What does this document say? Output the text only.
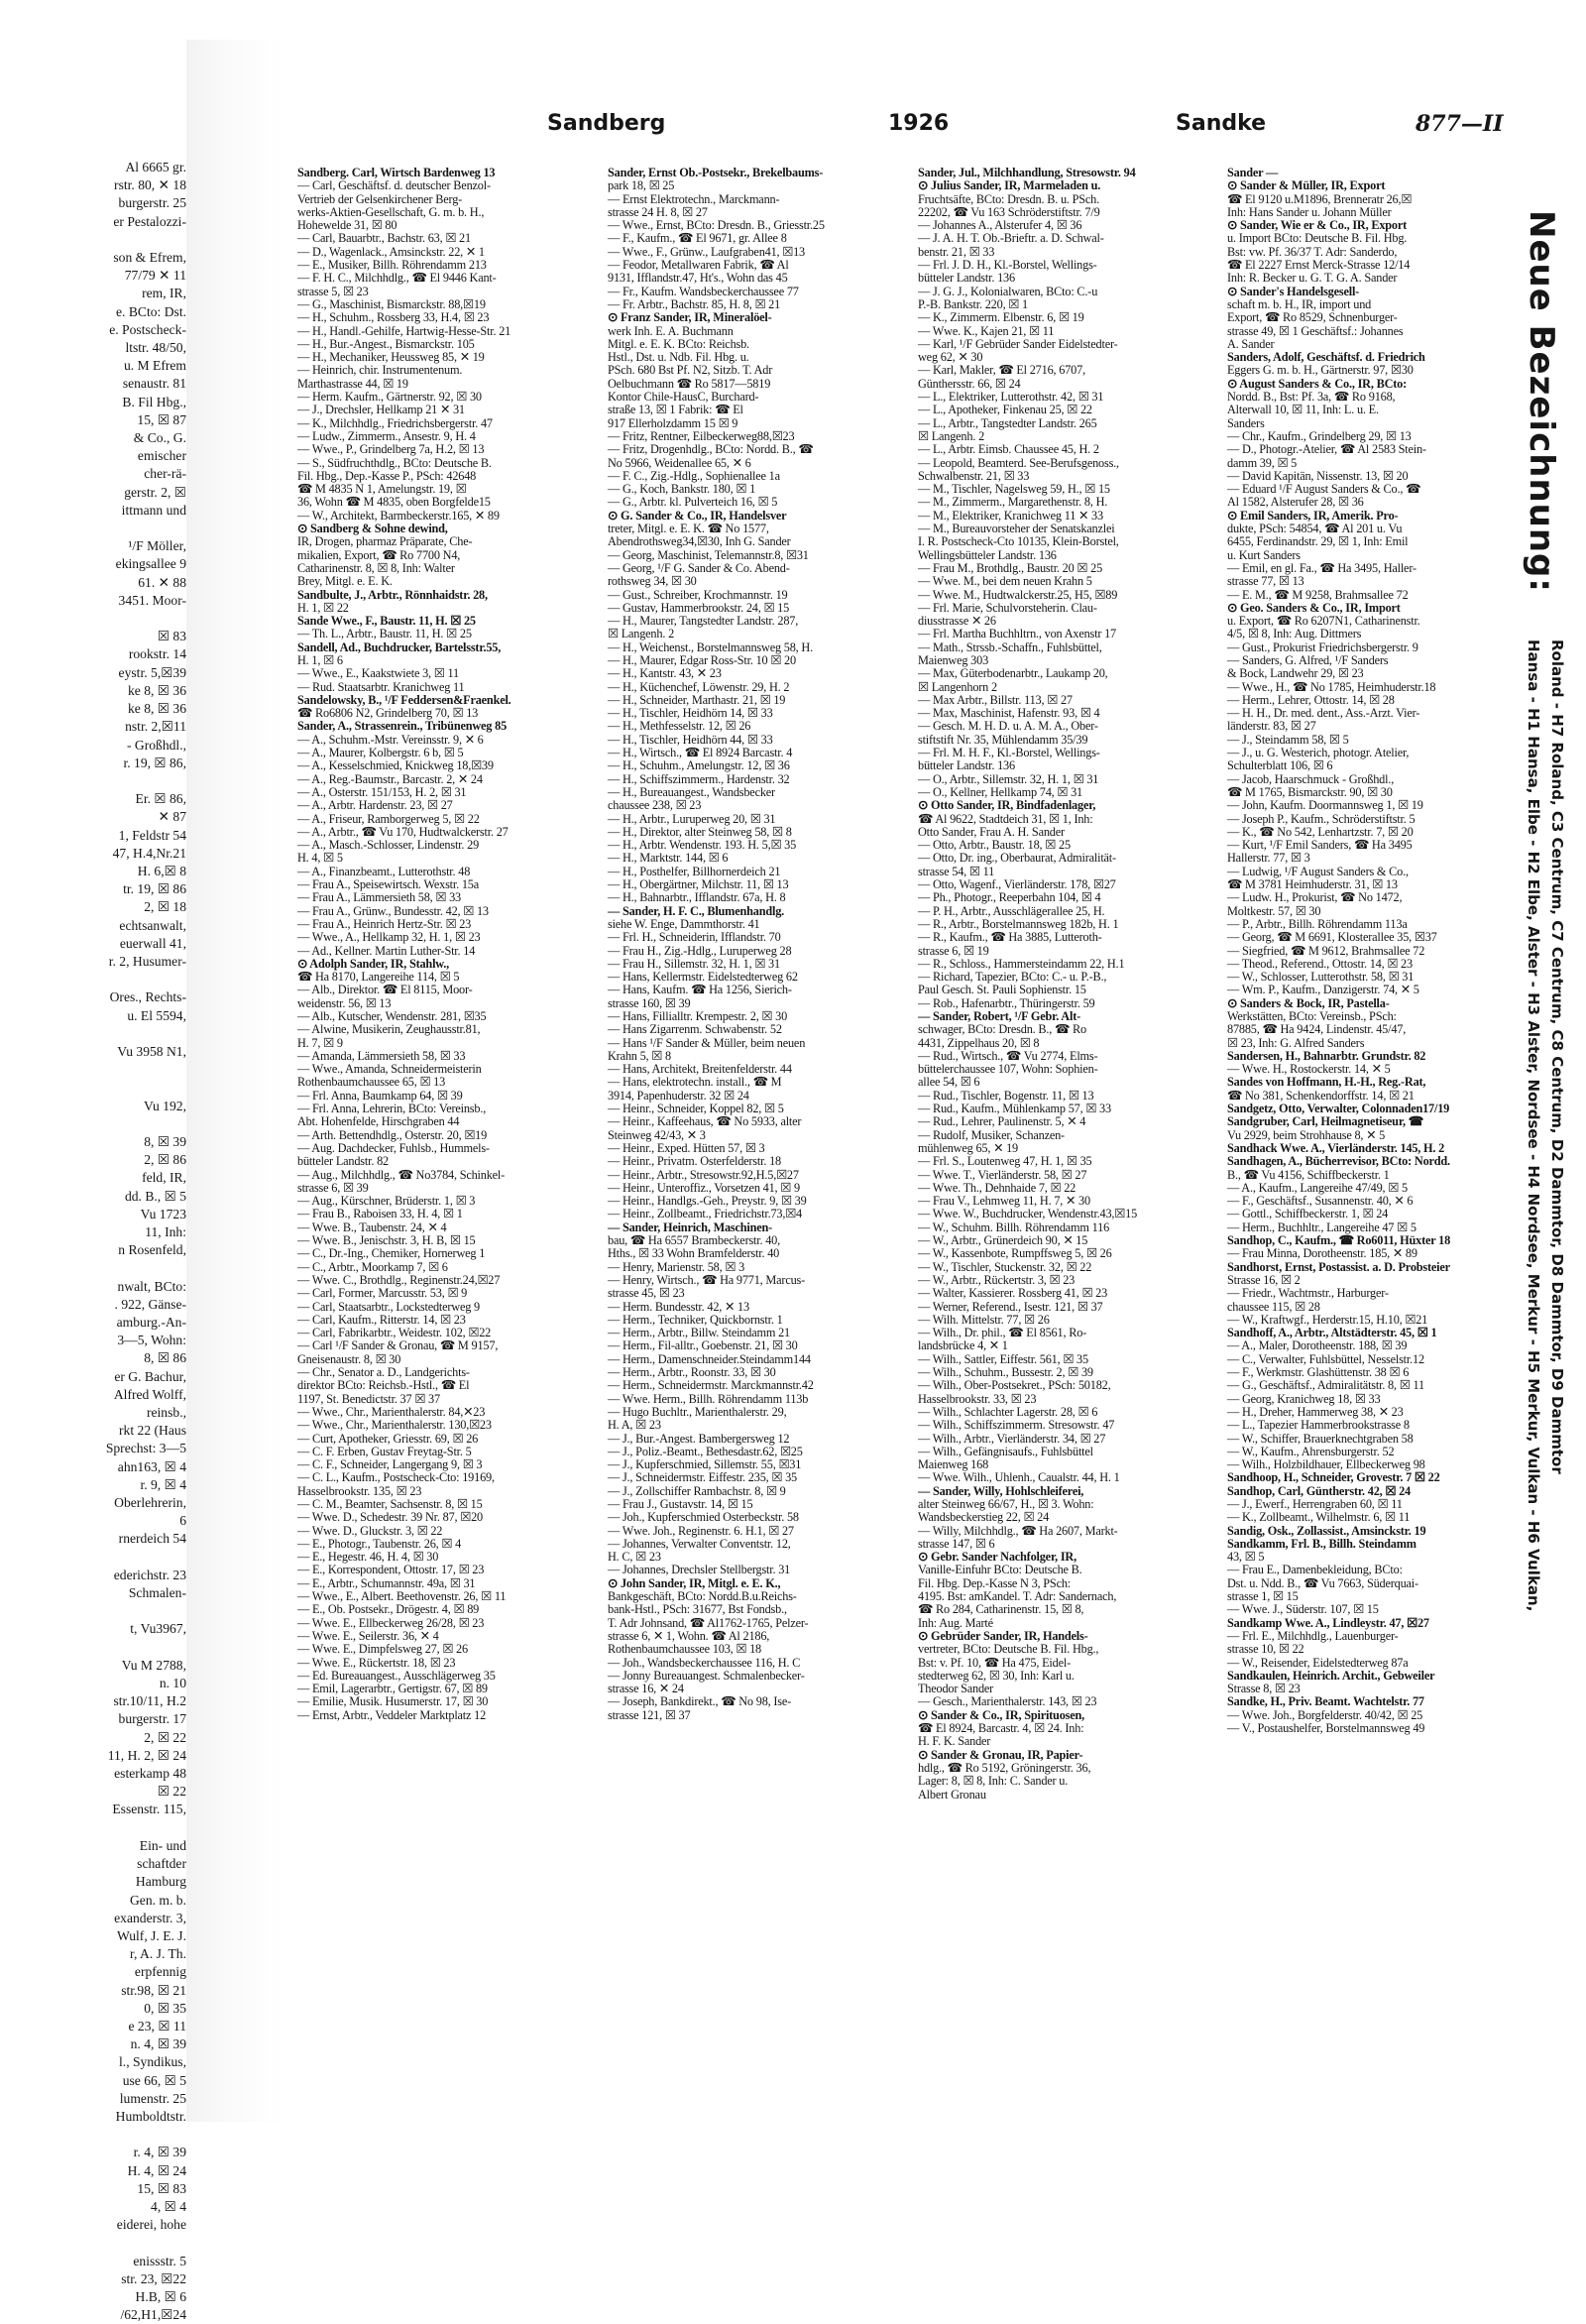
Al 6665 gr.
rstr. 80, ✕ 18
burgerstr. 25
er Pestalozzi-

son & Efrem,
77/79 ✕ 11
rem, IR,
e. BCto: Dst.
e. Postscheck-
ltstr. 48/50,
u. M Efrem
senaustr. 81
B. Fil Hbg.,
15, ☒ 87
& Co., G.
emischer
cher-rä-
gerstr. 2, ☒
ittmann und

¹/F Möller,
ekingsallee 9
61. ✕ 88
3451. Moor-

☒ 83
rookstr. 14
eystr. 5,☒39
ke 8, ☒ 36
ke 8, ☒ 36
nstr. 2,☒11
- Großhdl.,
r. 19, ☒ 86,

Er. ☒ 86,
✕ 87
1, Feldstr 54
47, H.4,Nr.21
H. 6,☒ 8
tr. 19, ☒ 86
2, ☒ 18
echtsanwalt,
euerwall 41,
r. 2, Husumer-

Ores., Rechts-
u. El 5594,

Vu 3958 N1,

Vu 192,

8, ☒ 39
2, ☒ 86
feld, IR,
dd. B., ☒ 5
Vu 1723
11, Inh:
n Rosenfeld,

nwalt, BCto:
. 922, Gänse-
amburg.-An-
3—5, Wohn:
8, ☒ 86
er G. Bachur,
Alfred Wolff,
reinsb.,
rkt 22 (Haus
Sprechst: 3—5
ahn163, ☒ 4
r. 9, ☒ 4
Oberlehrerin,
6
rnerdeich 54

ederichstr. 23
Schmalen-

t, Vu3967,

Vu M 2788,
n. 10
str.10/11, H.2
burgerstr. 17
2, ☒ 22
11, H. 2, ☒ 24
esterkamp 48
☒ 22
Essenstr. 115,

Ein- und
schaftder
Hamburg
Gen. m. b.
exanderstr. 3,
Wulf, J. E. J.
r, A. J. Th.
erpfennig
str.98, ☒ 21
0, ☒ 35
e 23, ☒ 11
n. 4, ☒ 39
l., Syndikus,
use 66, ☒ 5
lumenstr. 25
Humboldtstr.

r. 4, ☒ 39
H. 4, ☒ 24
15, ☒ 83
4, ☒ 4
eiderei, hohe

enissstr. 5
str. 23, ☒22
H.B, ☒ 6
/62,H1,☒24
Sandberg	1926	Sandke	877—II
Sandberg. Carl, Wirtsch Bardenweg 13
— Carl, Geschäftsf. d. deutscher Benzol-
Vertrieb der Gelsenkirchener Berg-
werks-Aktien-Gesellschaft, G. m. b. H.,
Hohewelde 31, ☒ 80
— Carl, Bauarbtr., Bachstr. 63, ☒ 21
— D., Wagenlack., Amsinckstr. 22, ✕ 1
— E., Musiker, Billh. Röhrendamm 213
— F. H. C., Milchhdlg., ☎ El 9446 Kant-
strasse 5, ☒ 23
— G., Maschinist, Bismarckstr. 88,☒19
— H., Schuhm., Rossberg 33, H.4, ☒ 23
— H., Handl.-Gehilfe, Hartwig-Hesse-Str. 21
— H., Bur.-Angest., Bismarckstr. 105
— H., Mechaniker, Heussweg 85, ✕ 19
— Heinrich, chir. Instrumentenum.
Marthastrasse 44, ☒ 19
— Herm. Kaufm., Gärtnerstr. 92, ☒ 30
— J., Drechsler, Hellkamp 21 ✕ 31
— K., Milchhdlg., Friedrichsbergerstr. 47
— Ludw., Zimmerm., Ansestr. 9, H. 4
— Wwe., P., Grindelberg 7a, H.2, ☒ 13
— S., Südfruchthdlg., BCto: Deutsche B.
Fil. Hbg., Dep.-Kasse P., PSch: 42648
☎ M 4835 N 1, Amelungstr. 19, ☒
36, Wohn ☎ M 4835, oben Borgfelde15
— W., Architekt, Barmbeckerstr.165, ✕ 89
⊙ Sandberg & Sohne dewind,
IR, Drogen, pharmaz Präparate, Che-
mikalien, Export, ☎ Ro 7700 N4,
Catharinenstr. 8, ☒ 8, Inh: Walter
Brey, Mitgl. e. E. K.
Sandbulte, J., Arbtr., Rönnhaidstr. 28,
H. 1, ☒ 22
Sande Wwe., F., Baustr. 11, H. ☒ 25
— Th. L., Arbtr., Baustr. 11, H. ☒ 25
Sandell, Ad., Buchdrucker, Bartelsstr.55,
H. 1, ☒ 6
— Wwe., E., Kaakstwiete 3, ☒ 11
— Rud. Staatsarbtr. Kranichweg 11
Sandelowsky, B., ¹/F Feddersen&Fraenkel.
☎ Ro6806 N2, Grindelberg 70, ☒ 13
Sander, A., Strassenrein., Tribünenweg 85
— A., Schuhm.-Mstr. Vereinsstr. 9, ✕ 6
— A., Maurer, Kolbergstr. 6 b, ☒ 5
— A., Kesselschmied, Knickweg 18,☒39
— A., Reg.-Baumstr., Barcastr. 2, ✕ 24
— A., Osterstr. 151/153, H. 2, ☒ 31
— A., Arbtr. Hardenstr. 23, ☒ 27
— A., Friseur, Ramborgerweg 5, ☒ 22
— A., Arbtr., ☎ Vu 170, Hudtwalckerstr. 27
— A., Masch.-Schlosser, Lindenstr. 29
H. 4, ☒ 5
— A., Finanzbeamt., Lutterothstr. 48
— Frau A., Speisewirtsch. Wexstr. 15a
— Frau A., Lämmersieth 58, ☒ 33
— Frau A., Grünw., Bundesstr. 42, ☒ 13
— Frau A., Heinrich Hertz-Str. ☒ 23
— Wwe., A., Hellkamp 32, H. 1, ☒ 23
— Ad., Kellner. Martin Luther-Str. 14
⊙ Adolph Sander, IR, Stahlw.,
☎ Ha 8170, Langereihe 114, ☒ 5
— Alb., Direktor. ☎ El 8115, Moor-
weidenstr. 56, ☒ 13
— Alb., Kutscher, Wendenstr. 281, ☒35
— Alwine, Musikerin, Zeughausstr.81,
H. 7, ☒ 9
— Amanda, Lämmersieth 58, ☒ 33
— Wwe., Amanda, Schneidermeisterin
Rothenbaumchaussee 65, ☒ 13
— Frl. Anna, Baumkamp 64, ☒ 39
— Frl. Anna, Lehrerin, BCto: Vereinsb.,
Abt. Hohenfelde, Hirschgraben 44
— Arth. Bettendhdlg., Osterstr. 20, ☒19
— Aug. Dachdecker, Fuhlsb., Hummels-
bütteler Landstr. 82
— Aug., Milchhdlg., ☎ No3784, Schinkel-
strasse 6, ☒ 39
— Aug., Kürschner, Brüderstr. 1, ☒ 3
— Frau B., Raboisen 33, H. 4, ☒ 1
— Wwe. B., Taubenstr. 24, ✕ 4
— Wwe. B., Jenischstr. 3, H. B, ☒ 15
— C., Dr.-Ing., Chemiker, Hornerweg 1
— C., Arbtr., Moorkamp 7, ☒ 6
— Wwe. C., Brothdlg., Reginenstr.24,☒27
— Carl, Former, Marcusstr. 53, ☒ 9
— Carl, Staatsarbtr., Lockstedterweg 9
— Carl, Kaufm., Ritterstr. 14, ☒ 23
— Carl, Fabrikarbtr., Weidestr. 102, ☒22
— Carl ¹/F Sander & Gronau, ☎ M 9157,
Gneisenaustr. 8, ☒ 30
— Chr., Senator a. D., Landgerichts-
direktor BCto: Reichsb.-Hstl., ☎ El
1197, St. Benedictstr. 37 ☒ 37
— Wwe., Chr., Marienthalerstr. 84,✕23
— Wwe., Chr., Marienthalerstr. 130,☒23
— Curt, Apotheker, Griesstr. 69, ☒ 26
— C. F. Erben, Gustav Freytag-Str. 5
— C. F., Schneider, Langergang 9, ☒ 3
— C. L., Kaufm., Postscheck-Cto: 19169,
Hasselbrookstr. 135, ☒ 23
— C. M., Beamter, Sachsenstr. 8, ☒ 15
— Wwe. D., Schedestr. 39 Nr. 87, ☒20
— Wwe. D., Gluckstr. 3, ☒ 22
— E., Photogr., Taubenstr. 26, ☒ 4
— E., Hegestr. 46, H. 4, ☒ 30
— E., Korrespondent, Ottostr. 17, ☒ 23
— E., Arbtr., Schumannstr. 49a, ☒ 31
— Wwe., E., Albert. Beethovenstr. 26, ☒ 11
— E., Ob. Postsekr., Drögestr. 4, ☒ 89
— Wwe. E., Ellbeckerweg 26/28, ☒ 23
— Wwe. E., Seilerstr. 36, ✕ 4
— Wwe. E., Dimpfelsweg 27, ☒ 26
— Wwe. E., Rückertstr. 18, ☒ 23
— Ed. Bureauangest., Ausschlägerweg 35
— Emil, Lagerarbtr., Gertigstr. 67, ☒ 89
— Emilie, Musik. Husumerstr. 17, ☒ 30
— Ernst, Arbtr., Veddeler Marktplatz 12
Sander, Ernst Ob.-Postsekr., Brekelbaums-
park 18, ☒ 25
— Ernst Elektrotechn., Marckmann-
strasse 24 H. 8, ☒ 27
— Wwe., Ernst, BCto: Dresdn. B., Griesstr.25
— F., Kaufm., ☎ El 9671, gr. Allee 8
— Wwe., F., Grünw., Laufgraben41, ☒13
— Feodor, Metallwaren Fabrik, ☎ Al
9131, Ifflandstr.47, Ht's., Wohn das 45
— Fr., Kaufm. Wandsbeckerchaussee 77
— Fr. Arbtr., Bachstr. 85, H. 8, ☒ 21
⊙ Franz Sander, IR, Mineralöel-
werk Inh. E. A. Buchmann
Mitgl. e. E. K. BCto: Reichsb.
Hstl., Dst. u. Ndb. Fil. Hbg. u.
PSch. 680 Bst Pf. N2, Sitzb. T. Adr
Oelbuchmann ☎ Ro 5817—5819
Kontor Chile-HausC, Burchard-
straße 13, ☒ 1 Fabrik: ☎ El
917 Ellerholzdamm 15 ☒ 9
— Fritz, Rentner, Eilbeckerweg88,☒23
— Fritz, Drogenhdlg., BCto: Nordd. B., ☎
No 5966, Weidenallee 65, ✕ 6
— F. C., Zig.-Hdlg., Sophienallee 1a
— G., Koch, Bankstr. 180, ☒ 1
— G., Arbtr. kl. Pulverteich 16, ☒ 5
⊙ G. Sander & Co., IR, Handelsver
treter, Mitgl. e. E. K. ☎ No 1577,
Abendrothsweg34,☒30, Inh G. Sander
— Georg, Maschinist, Telemannstr.8, ☒31
— Georg, ¹/F G. Sander & Co. Abend-
rothsweg 34, ☒ 30
— Gust., Schreiber, Krochmannstr. 19
— Gustav, Hammerbrookstr. 24, ☒ 15
— H., Maurer, Tangstedter Landstr. 287,
☒ Langenh. 2
— H., Weichenst., Borstelmannsweg 58, H.
— H., Maurer, Edgar Ross-Str. 10 ☒ 20
— H., Kantstr. 43, ✕ 23
— H., Küchenchef, Löwenstr. 29, H. 2
— H., Schneider, Marthastr. 21, ☒ 19
— H., Tischler, Heidhörn 14, ☒ 33
— H., Methfesselstr. 12, ☒ 26
— H., Tischler, Heidhörn 44, ☒ 33
— H., Wirtsch., ☎ El 8924 Barcastr. 4
— H., Schuhm., Amelungstr. 12, ☒ 36
— H., Schiffszimmerm., Hardenstr. 32
— H., Bureauangest., Wandsbecker
chaussee 238, ☒ 23
— H., Arbtr., Luruperweg 20, ☒ 31
— H., Direktor, alter Steinweg 58, ☒ 8
— H., Arbtr. Wendenstr. 193. H. 5,☒ 35
— H., Marktstr. 144, ☒ 6
— H., Posthelfer, Billhornerdeich 21
— H., Obergärtner, Milchstr. 11, ☒ 13
— H., Bahnarbtr., Ifflandstr. 67a, H. 8
— Sander, H. F. C., Blumenhandlg.
siehe W. Enge, Dammthorstr. 41
— Frl. H., Schneiderin, Ifflandstr. 70
— Frau H., Zig.-Hdlg., Luruperweg 28
— Frau H., Sillemstr. 32, H. 1, ☒ 31
— Hans, Kellermstr. Eidelstedterweg 62
— Hans, Kaufm. ☎ Ha 1256, Sierich-
strasse 160, ☒ 39
— Hans, Fillialltr. Krempestr. 2, ☒ 30
— Hans Zigarrenm. Schwabenstr. 52
— Hans ¹/F Sander & Müller, beim neuen
Krahn 5, ☒ 8
— Hans, Architekt, Breitenfelderstr. 44
— Hans, elektrotechn. install., ☎ M
3914, Papenhuderstr. 32 ☒ 24
— Heinr., Schneider, Koppel 82, ☒ 5
— Heinr., Kaffeehaus, ☎ No 5933, alter
Steinweg 42/43, ✕ 3
— Heinr., Exped. Hütten 57, ☒ 3
— Heinr., Privatm. Osterfelderstr. 18
— Heinr., Arbtr., Stresowstr.92,H.5,☒27
— Heinr., Unteroffiz., Vorsetzen 41, ☒ 9
— Heinr., Handlgs.-Geh., Preystr. 9, ☒ 39
— Heinr., Zollbeamt., Friedrichstr.73,☒4
— Sander, Heinrich, Maschinen-
bau, ☎ Ha 6557 Brambeckerstr. 40,
Hths., ☒ 33 Wohn Bramfelderstr. 40
— Henry, Marienstr. 58, ☒ 3
— Henry, Wirtsch., ☎ Ha 9771, Marcus-
strasse 45, ☒ 23
— Herm. Bundesstr. 42, ✕ 13
— Herm., Techniker, Quickbornstr. 1
— Herm., Arbtr., Billw. Steindamm 21
— Herm., Fil-alltr., Goebenstr. 21, ☒ 30
— Herm., Damenschneider.Steindamm144
— Herm., Arbtr., Roonstr. 33, ☒ 30
— Herm., Schneidermstr. Marckmannstr.42
— Wwe. Herm., Billh. Röhrendamm 113b
— Hugo Buchltr., Marienthalerstr. 29,
H. A, ☒ 23
— J., Bur.-Angest. Bambergersweg 12
— J., Poliz.-Beamt., Bethesdastr.62, ☒25
— J., Kupferschmied, Sillemstr. 55, ☒31
— J., Schneidermstr. Eiffestr. 235, ☒ 35
— J., Zollschiffer Rambachstr. 8, ☒ 9
— Frau J., Gustavstr. 14, ☒ 15
— Joh., Kupferschmied Osterbeckstr. 58
— Wwe. Joh., Reginenstr. 6. H.1, ☒ 27
— Johannes, Verwalter Conventstr. 12,
H. C, ☒ 23
— Johannes, Drechsler Stellbergstr. 31
⊙ John Sander, IR, Mitgl. e. E. K.,
Bankgeschäft, BCto: Nordd.B.u.Reichs-
bank-Hstl., PSch: 31677, Bst Fondsb.,
T. Adr Johnsand, ☎ Al1762-1765, Pelzer-
strasse 6, ✕ 1, Wohn. ☎ Al 2186,
Rothenbaumchaussee 103, ☒ 18
— Joh., Wandsbeckerchaussee 116, H. C
— Jonny Bureauangest. Schmalenbecker-
strasse 16, ✕ 24
— Joseph, Bankdirekt., ☎ No 98, Ise-
strasse 121, ☒ 37
Sander, Jul., Milchhandlung, Stresowstr. 94
⊙ Julius Sander, IR, Marmeladen u.
Fruchtsäfte, BCto: Dresdn. B. u. PSch.
22202, ☎ Vu 163 Schröderstiftstr. 7/9
— Johannes A., Alsterufer 4, ☒ 36
— J. A. H. T. Ob.-Brieftr. a. D. Schwal-
benstr. 21, ☒ 33
— Frl. J. D. H., Kl.-Borstel, Wellings-
bütteler Landstr. 136
— J. G. J., Kolonialwaren, BCto: C.-u
P.-B. Bankstr. 220, ☒ 1
— K., Zimmerm. Elbenstr. 6, ☒ 19
— Wwe. K., Kajen 21, ☒ 11
— Karl, ¹/F Gebrüder Sander Eidelstedter-
weg 62, ✕ 30
— Karl, Makler, ☎ El 2716, 6707,
Günthersstr. 66, ☒ 24
— L., Elektriker, Lutterothstr. 42, ☒ 31
— L., Apotheker, Finkenau 25, ☒ 22
— L., Arbtr., Tangstedter Landstr. 265
☒ Langenh. 2
— L., Arbtr. Eimsb. Chaussee 45, H. 2
— Leopold, Beamterd. See-Berufsgenoss.,
Schwalbenstr. 21, ☒ 33
— M., Tischler, Nagelsweg 59, H., ☒ 15
— M., Zimmerm., Margarethenstr. 8, H.
— M., Elektriker, Kranichweg 11 ✕ 33
— M., Bureauvorsteher der Senatskanzlei
I. R. Postscheck-Cto 10135, Klein-Borstel,
Wellingsbütteler Landstr. 136
— Frau M., Brothdlg., Baustr. 20 ☒ 25
— Wwe. M., bei dem neuen Krahn 5
— Wwe. M., Hudtwalckerstr.25, H5, ☒89
— Frl. Marie, Schulvorsteherin. Clau-
diusstrasse ✕ 26
— Frl. Martha Buchhltrn., von Axenstr 17
— Math., Strssb.-Schaffn., Fuhlsbüttel,
Maienweg 303
— Max, Güterbodenarbtr., Laukamp 20,
☒ Langenhorn 2
— Max Arbtr., Billstr. 113, ☒ 27
— Max, Maschinist, Hafenstr. 93, ☒ 4
— Gesch. M. H. D. u. A. M. A., Ober-
stiftstift Nr. 35, Mühlendamm 35/39
— Frl. M. H. F., Kl.-Borstel, Wellings-
bütteler Landstr. 136
— O., Arbtr., Sillemstr. 32, H. 1, ☒ 31
— O., Kellner, Hellkamp 74, ☒ 31
⊙ Otto Sander, IR, Bindfadenlager,
☎ Al 9622, Stadtdeich 31, ☒ 1, Inh:
Otto Sander, Frau A. H. Sander
— Otto, Arbtr., Baustr. 18, ☒ 25
— Otto, Dr. ing., Oberbaurat, Admiralität-
strasse 54, ☒ 11
— Otto, Wagenf., Vierländerstr. 178, ☒27
— Ph., Photogr., Reeperbahn 104, ☒ 4
— P. H., Arbtr., Ausschlägerallee 25, H.
— R., Arbtr., Borstelmannsweg 182b, H. 1
— R., Kaufm., ☎ Ha 3885, Lutteroth-
strasse 6, ☒ 19
— R., Schloss., Hammersteindamm 22, H.1
— Richard, Tapezier, BCto: C.- u. P.-B.,
Paul Gesch. St. Pauli Sophienstr. 15
— Rob., Hafenarbtr., Thüringerstr. 59
— Sander, Robert, ¹/F Gebr. Alt-
schwager, BCto: Dresdn. B., ☎ Ro
4431, Zippelhaus 20, ☒ 8
— Rud., Wirtsch., ☎ Vu 2774, Elms-
büttelerchaussee 107, Wohn: Sophien-
allee 54, ☒ 6
— Rud., Tischler, Bogenstr. 11, ☒ 13
— Rud., Kaufm., Mühlenkamp 57, ☒ 33
— Rud., Lehrer, Paulinenstr. 5, ✕ 4
— Rudolf, Musiker, Schanzen-
mühlenweg 65, ✕ 19
— Frl. S., Loutenweg 47, H. 1, ☒ 35
— Wwe. T., Vierländerstr. 58, ☒ 27
— Wwe. Th., Dehnhaide 7, ☒ 22
— Frau V., Lehmweg 11, H. 7, ✕ 30
— Wwe. W., Buchdrucker, Wendenstr.43,☒15
— W., Schuhm. Billh. Röhrendamm 116
— W., Arbtr., Grünerdeich 90, ✕ 15
— W., Kassenbote, Rumpffsweg 5, ☒ 26
— W., Tischler, Stuckenstr. 32, ☒ 22
— W., Arbtr., Rückertstr. 3, ☒ 23
— Walter, Kassierer. Rossberg 41, ☒ 23
— Werner, Referend., Isestr. 121, ☒ 37
— Wilh. Mittelstr. 77, ☒ 26
— Wilh., Dr. phil., ☎ El 8561, Ro-
landsbrücke 4, ✕ 1
— Wilh., Sattler, Eiffestr. 561, ☒ 35
— Wilh., Schuhm., Bussestr. 2, ☒ 39
— Wilh., Ober-Postsekret., PSch: 50182,
Hasselbrookstr. 33, ☒ 23
— Wilh., Schlachter Lagerstr. 28, ☒ 6
— Wilh., Schiffszimmerm. Stresowstr. 47
— Wilh., Arbtr., Vierländerstr. 34, ☒ 27
— Wilh., Gefängnisaufs., Fuhlsbüttel
Maienweg 168
— Wwe. Wilh., Uhlenh., Caualstr. 44, H. 1
— Sander, Willy, Hohlschleiferei,
alter Steinweg 66/67, H., ☒ 3. Wohn:
Wandsbeckerstieg 22, ☒ 24
— Willy, Milchhdlg., ☎ Ha 2607, Markt-
strasse 147, ☒ 6
⊙ Gebr. Sander Nachfolger, IR,
Vanille-Einfuhr BCto: Deutsche B.
Fil. Hbg. Dep.-Kasse N 3, PSch:
4195. Bst: amKandel. T. Adr: Sandernach,
☎ Ro 284, Catharinenstr. 15, ☒ 8,
Inh: Aug. Marté
⊙ Gebrüder Sander, IR, Handels-
vertreter, BCto: Deutsche B. Fil. Hbg.,
Bst: v. Pf. 10, ☎ Ha 475, Eidel-
stedterweg 62, ☒ 30, Inh: Karl u.
Theodor Sander
— Gesch., Marienthalerstr. 143, ☒ 23
⊙ Sander & Co., IR, Spirituosen,
☎ El 8924, Barcastr. 4, ☒ 24. Inh:
H. F. K. Sander
⊙ Sander & Gronau, IR, Papier-
hdlg., ☎ Ro 5192, Gröningerstr. 36,
Lager: 8, ☒ 8, Inh: C. Sander u.
Albert Gronau
Sander —
⊙ Sander & Müller, IR, Export
☎ El 9120 u.M1896, Brenneratr 26,☒
Inh: Hans Sander u. Johann Müller
⊙ Sander, Wie er & Co., IR, Export
u. Import BCto: Deutsche B. Fil. Hbg.
Bst: vw. Pf. 36/37 T. Adr: Sanderdo,
☎ El 2227 Ernst Merck-Strasse 12/14
Inh: R. Becker u. G. T. G. A. Sander
⊙ Sander's Handelsgesell-
schaft m. b. H., IR, import und
Export, ☎ Ro 8529, Schnenburger-
strasse 49, ☒ 1 Geschäftsf.: Johannes
A. Sander
Sanders, Adolf, Geschäftsf. d. Friedrich
Eggers G. m. b. H., Gärtnerstr. 97, ☒30
⊙ August Sanders & Co., IR, BCto:
Nordd. B., Bst: Pf. 3a, ☎ Ro 9168,
Alterwall 10, ☒ 11, Inh: L. u. E.
Sanders
— Chr., Kaufm., Grindelberg 29, ☒ 13
— D., Photogr.-Atelier, ☎ Al 2583 Stein-
damm 39, ☒ 5
— David Kapitän, Nissenstr. 13, ☒ 20
— Eduard ¹/F August Sanders & Co., ☎
Al 1582, Alsterufer 28, ☒ 36
⊙ Emil Sanders, IR, Amerik. Pro-
dukte, PSch: 54854, ☎ Al 201 u. Vu
6455, Ferdinandstr. 29, ☒ 1, Inh: Emil
u. Kurt Sanders
— Emil, en gl. Fa., ☎ Ha 3495, Haller-
strasse 77, ☒ 13
— E. M., ☎ M 9258, Brahmsallee 72
⊙ Geo. Sanders & Co., IR, Import
u. Export, ☎ Ro 6207N1, Catharinenstr.
4/5, ☒ 8, Inh: Aug. Dittmers
— Gust., Prokurist Friedrichsbergerstr. 9
— Sanders, G. Alfred, ¹/F Sanders
& Bock, Landwehr 29, ☒ 23
— Wwe., H., ☎ No 1785, Heimhuderstr.18
— Herm., Lehrer, Ottostr. 14, ☒ 28
— H. H., Dr. med. dent., Ass.-Arzt. Vier-
länderstr. 83, ☒ 27
— J., Steindamm 58, ☒ 5
— J., u. G. Westerich, photogr. Atelier,
Schulterblatt 106, ☒ 6
— Jacob, Haarschmuck - Großhdl.,
☎ M 1765, Bismarckstr. 90, ☒ 30
— John, Kaufm. Doormannsweg 1, ☒ 19
— Joseph P., Kaufm., Schröderstiftstr. 5
— K., ☎ No 542, Lenhartzstr. 7, ☒ 20
— Kurt, ¹/F Emil Sanders, ☎ Ha 3495
Hallerstr. 77, ☒ 3
— Ludwig, ¹/F August Sanders & Co.,
☎ M 3781 Heimhuderstr. 31, ☒ 13
— Ludw. H., Prokurist, ☎ No 1472,
Moltkestr. 57, ☒ 30
— P., Arbtr., Billh. Röhrendamm 113a
— Georg, ☎ M 6691, Klosterallee 35, ☒37
— Siegfried, ☎ M 9612, Brahmsallee 72
— Theod., Referend., Ottostr. 14, ☒ 23
— W., Schlosser, Lutterothstr. 58, ☒ 31
— Wm. P., Kaufm., Danzigerstr. 74, ✕ 5
⊙ Sanders & Bock, IR, Pastella-
Werkstätten, BCto: Vereinsb., PSch:
87885, ☎ Ha 9424, Lindenstr. 45/47,
☒ 23, Inh: G. Alfred Sanders
Sandersen, H., Bahnarbtr. Grundstr. 82
— Wwe. H., Rostockerstr. 14, ✕ 5
Sandes von Hoffmann, H.-H., Reg.-Rat,
☎ No 381, Schenkendorffstr. 14, ☒ 21
Sandgetz, Otto, Verwalter, Colonnaden17/19
Sandgruber, Carl, Heilmagnetiseur, ☎
Vu 2929, beim Strohhause 8, ✕ 5
Sandhack Wwe. A., Vierländerstr. 145, H. 2
Sandhagen, A., Bücherrevisor, BCto: Nordd.
B., ☎ Vu 4156, Schiffbeckerstr. 1
— A., Kaufm., Langereihe 47/49, ☒ 5
— F., Geschäftsf., Susannenstr. 40, ✕ 6
— Gottl., Schiffbeckerstr. 1, ☒ 24
— Herm., Buchhltr., Langereihe 47 ☒ 5
Sandhop, C., Kaufm., ☎ Ro6011, Hüxter 18
— Frau Minna, Dorotheenstr. 185, ✕ 89
Sandhorst, Ernst, Postassist. a. D. Probsteier
Strasse 16, ☒ 2
— Friedr., Wachtmstr., Harburger-
chaussee 115, ☒ 28
— W., Kraftwgf., Herderstr.15, H.10, ☒21
Sandhoff, A., Arbtr., Altstädterstr. 45, ☒ 1
— A., Maler, Dorotheenstr. 188, ☒ 39
— C., Verwalter, Fuhlsbüttel, Nesselstr.12
— F., Werkmstr. Glashüttenstr. 38 ☒ 6
— G., Geschäftsf., Admiralitätstr. 8, ☒ 11
— Georg, Kranichweg 18, ☒ 33
— H., Dreher, Hammerweg 38, ✕ 23
— L., Tapezier Hammerbrookstrasse 8
— W., Schiffer, Brauerknechtgraben 58
— W., Kaufm., Ahrensburgerstr. 52
— Wilh., Holzbildhauer, Ellbeckerweg 98
Sandhoop, H., Schneider, Grovestr. 7 ☒ 22
Sandhop, Carl, Güntherstr. 42, ☒ 24
— J., Ewerf., Herrengraben 60, ☒ 11
— K., Zollbeamt., Wilhelmstr. 6, ☒ 11
Sandig, Osk., Zollassist., Amsinckstr. 19
Sandkamm, Frl. B., Billh. Steindamm
43, ☒ 5
— Frau E., Damenbekleidung, BCto:
Dst. u. Ndd. B., ☎ Vu 7663, Süderquai-
strasse 1, ☒ 15
— Wwe. J., Süderstr. 107, ☒ 15
Sandkamp Wwe. A., Lindleystr. 47, ☒27
— Frl. E., Milchhdlg., Lauenburger-
strasse 10, ☒ 22
— W., Reisender, Eidelstedterweg 87a
Sandkaulen, Heinrich. Archit., Gebweiler
Strasse 8, ☒ 23
Sandke, H., Priv. Beamt. Wachtelstr. 77
— Wwe. Joh., Borgfelderstr. 40/42, ☒ 25
— V., Postaushelfer, Borstelmannsweg 49
Neue Bezeichnung:
Hansa - H1 Hansa, Elbe - H2 Elbe, Alster - H3 Alster, Nordsee - H4 Nordsee, Merkur - H5 Merkur, Vulkan - H6 Vulkan, Roland - H7 Roland, C3 Centrum, C7 Centrum, C8 Centrum, D2 Dammtor, D8 Dammtor, D9 Dammtor
